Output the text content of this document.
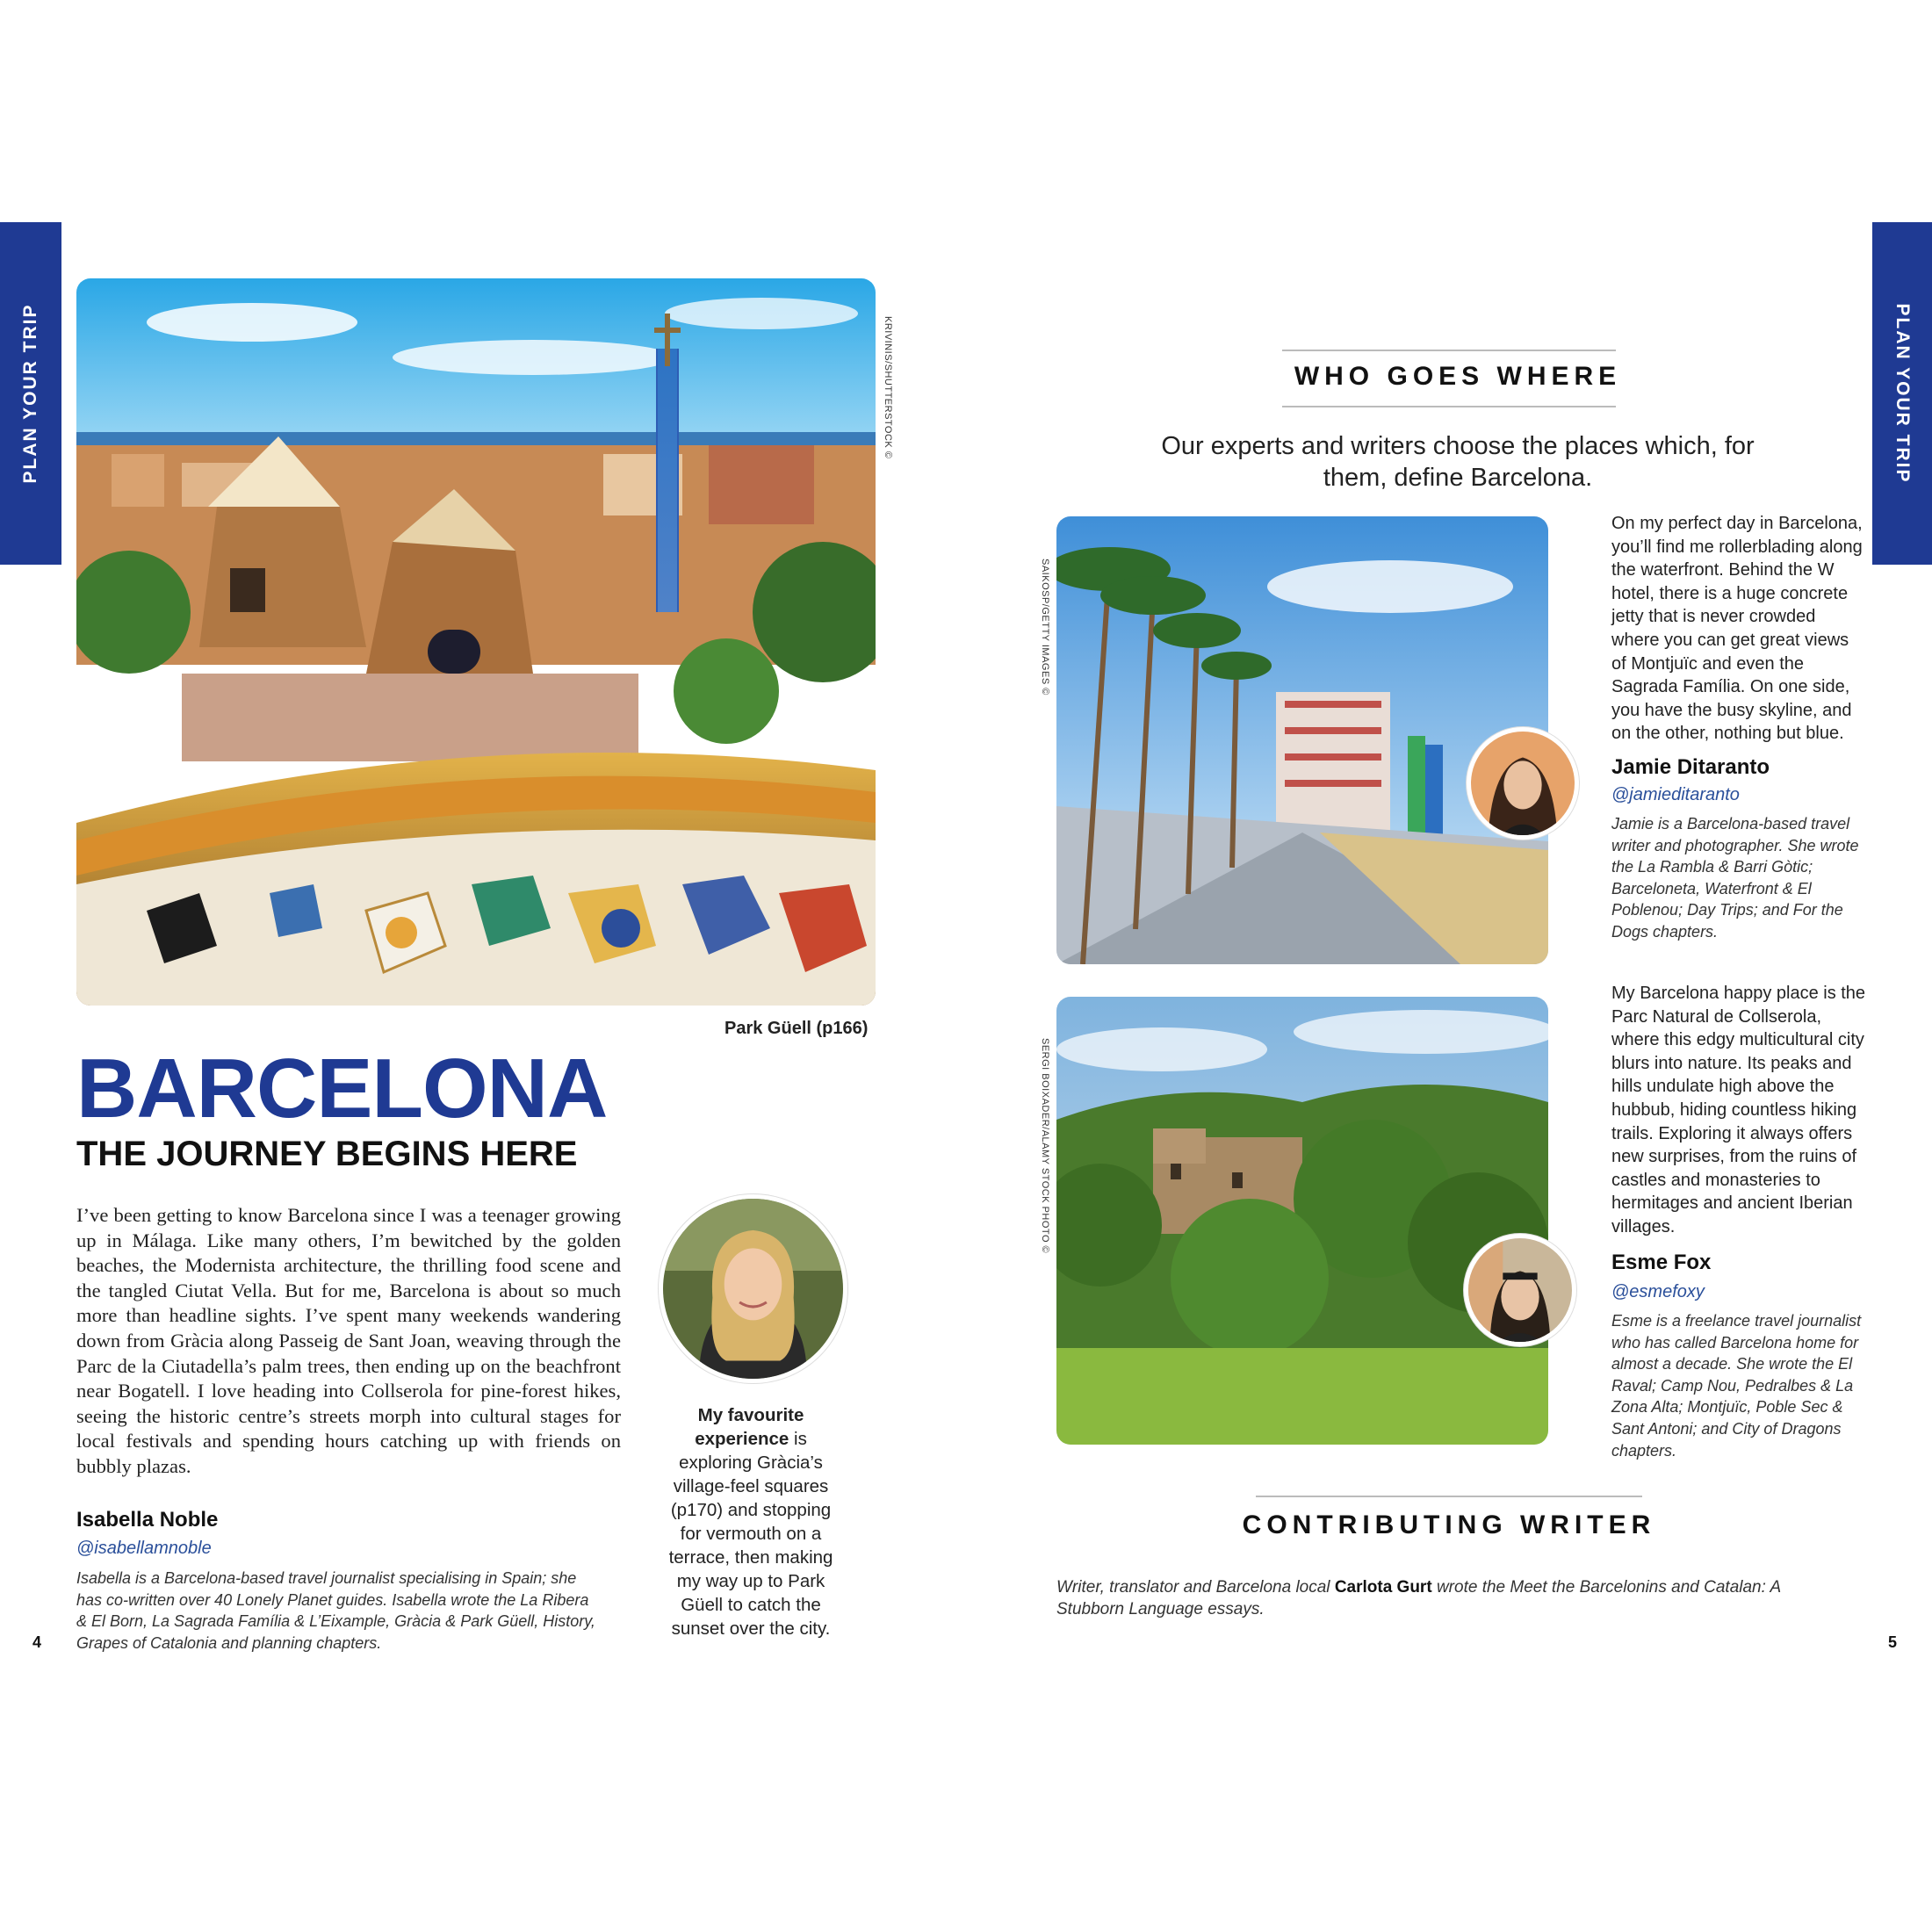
PLAN YOUR TRIP	PLAN YOUR TRIP
KRIVINIS/SHUTTERSTOCK ©
Park Güell (p166)
BARCELONA
THE JOURNEY BEGINS HERE
I’ve been getting to know Barcelona since I was a teenager growing up in Málaga. Like many others, I’m bewitched by the golden beaches, the Modernista architecture, the thrilling food scene and the tangled Ciutat Vella. But for me, Barcelona is about so much more than headline sights. I’ve spent many weekends wandering down from Gràcia along Passeig de Sant Joan, weaving through the Parc de la Ciutadella’s palm trees, then ending up on the beachfront near Bogatell. I love heading into Collserola for pine-forest hikes, seeing the historic centre’s streets morph into cultural stages for local festivals and spending hours catching up with friends on bubbly plazas.
Isabella Noble
@isabellamnoble
Isabella is a Barcelona-based travel journalist specialising in Spain; she has co-written over 40 Lonely Planet guides. Isabella wrote the La Ribera & El Born, La Sagrada Família & L’Eixample, Gràcia & Park Güell, History, Grapes of Catalonia and planning chapters.
My favourite experience is exploring Gràcia’s village-feel squares (p170) and stopping for vermouth on a terrace, then making my way up to Park Güell to catch the sunset over the city.
4
WHO GOES WHERE
Our experts and writers choose the places which, for them, define Barcelona.
SAIKOSP/GETTY IMAGES ©
On my perfect day in Barcelona, you’ll find me rollerblading along the waterfront. Behind the W hotel, there is a huge concrete jetty that is never crowded where you can get great views of Montjuïc and even the Sagrada Família. On one side, you have the busy skyline, and on the other, nothing but blue.
Jamie Ditaranto
@jamieditaranto
Jamie is a Barcelona-based travel writer and photographer. She wrote the La Rambla & Barri Gòtic; Barceloneta, Waterfront & El Poblenou; Day Trips; and For the Dogs chapters.
SERGI BOIXADER/ALAMY STOCK PHOTO ©
My Barcelona happy place is the Parc Natural de Collserola, where this edgy multicultural city blurs into nature. Its peaks and hills undulate high above the hubbub, hiding countless hiking trails. Exploring it always offers new surprises, from the ruins of castles and monasteries to hermitages and ancient Iberian villages.
Esme Fox
@esmefoxy
Esme is a freelance travel journalist who has called Barcelona home for almost a decade. She wrote the El Raval; Camp Nou, Pedralbes & La Zona Alta; Montjuïc, Poble Sec & Sant Antoni; and City of Dragons chapters.
CONTRIBUTING WRITER
Writer, translator and Barcelona local Carlota Gurt wrote the Meet the Barcelonins and Catalan: A Stubborn Language essays.
5
